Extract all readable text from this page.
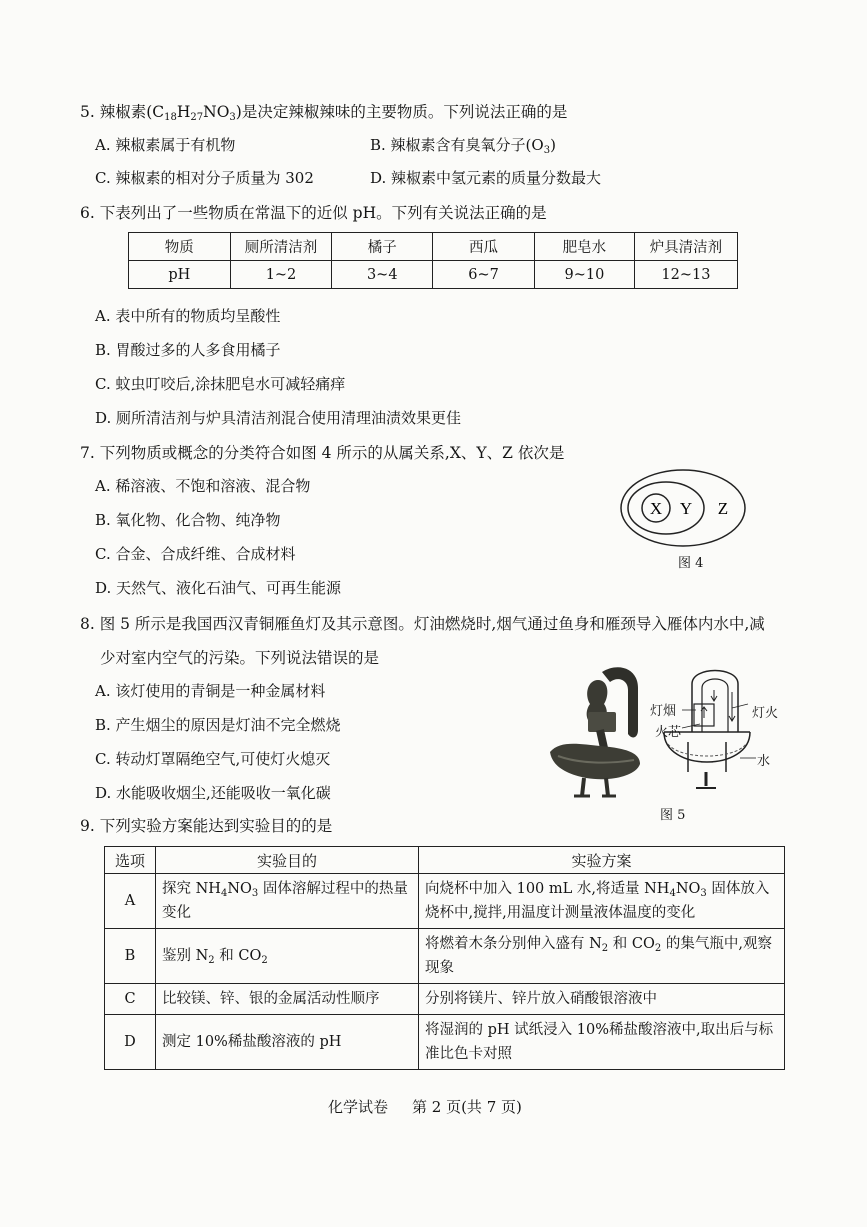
5. 辣椒素$(C_{18}H_{27}NO_3)$是决定辣椒辣味的主要物质。下列说法正确的是
A. 辣椒素属于有机物	B. 辣椒素含有臭氧分子$(O_3)$
C. 辣椒素的相对分子质量为 302	D. 辣椒素中氢元素的质量分数最大
6. 下表列出了一些物质在常温下的近似 pH。下列有关说法正确的是
物质	厕所清洁剂	橘子	西瓜	肥皂水	炉具清洁剂
pH	1~2	3~4	6~7	9~10	12~13
A. 表中所有的物质均呈酸性
B. 胃酸过多的人多食用橘子
C. 蚊虫叮咬后,涂抹肥皂水可减轻痛痒
D. 厕所清洁剂与炉具清洁剂混合使用清理油渍效果更佳
7. 下列物质或概念的分类符合如图 4 所示的从属关系,X、Y、Z 依次是
A. 稀溶液、不饱和溶液、混合物
B. 氧化物、化合物、纯净物
C. 合金、合成纤维、合成材料
D. 天然气、液化石油气、可再生能源
X Y Z
图 4
8. 图 5 所示是我国西汉青铜雁鱼灯及其示意图。灯油燃烧时,烟气通过鱼身和雁颈导入雁体内水中,减
少对室内空气的污染。下列说法错误的是
A. 该灯使用的青铜是一种金属材料
B. 产生烟尘的原因是灯油不完全燃烧
C. 转动灯罩隔绝空气,可使灯火熄灭
D. 水能吸收烟尘,还能吸收一氧化碳
灯烟	灯火
火芯
水
图 5
9. 下列实验方案能达到实验目的的是
选项	实验目的	实验方案
A	探究 $NH_4NO_3$ 固体溶解过程中的热量变化	向烧杯中加入 100 mL 水,将适量 $NH_4NO_3$ 固体放入烧杯中,搅拌,用温度计测量液体温度的变化
B	鉴别 $N_2$ 和 $CO_2$	将燃着木条分别伸入盛有 $N_2$ 和 $CO_2$ 的集气瓶中,观察现象
C	比较镁、锌、银的金属活动性顺序	分别将镁片、锌片放入硝酸银溶液中
D	测定 10%稀盐酸溶液的 pH	将湿润的 pH 试纸浸入 10%稀盐酸溶液中,取出后与标准比色卡对照
化学试卷 第 2 页(共 7 页)
